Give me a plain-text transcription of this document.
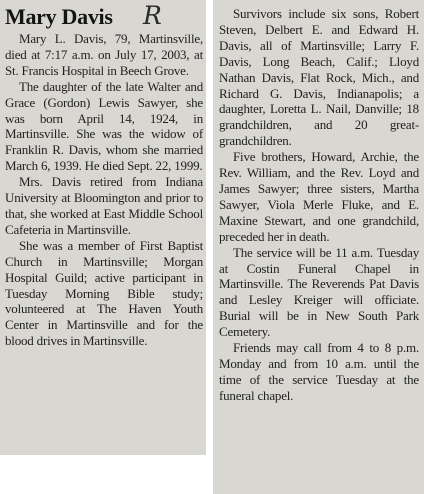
Mary Davis R

Mary L. Davis, 79, Martinsville, died at 7:17 a.m. on July 17, 2003, at St. Francis Hospital in Beech Grove.

The daughter of the late Walter and Grace (Gordon) Lewis Sawyer, she was born April 14, 1924, in Martinsville. She was the widow of Franklin R. Davis, whom she married March 6, 1939. He died Sept. 22, 1999.

Mrs. Davis retired from Indiana University at Bloomington and prior to that, she worked at East Middle School Cafeteria in Martinsville.

She was a member of First Baptist Church in Martinsville; Morgan Hospital Guild; active participant in Tuesday Morning Bible study; volunteered at The Haven Youth Center in Martinsville and for the blood drives in Martinsville.

Survivors include six sons, Robert Steven, Delbert E. and Edward H. Davis, all of Martinsville; Larry F. Davis, Long Beach, Calif.; Lloyd Nathan Davis, Flat Rock, Mich., and Richard G. Davis, Indianapolis; a daughter, Loretta L. Nail, Danville; 18 grandchildren, and 20 great-grandchildren.

Five brothers, Howard, Archie, the Rev. William, and the Rev. Loyd and James Sawyer; three sisters, Martha Sawyer, Viola Merle Fluke, and E. Maxine Stewart, and one grandchild, preceded her in death.

The service will be 11 a.m. Tuesday at Costin Funeral Chapel in Martinsville. The Reverends Pat Davis and Lesley Kreiger will officiate. Burial will be in New South Park Cemetery.

Friends may call from 4 to 8 p.m. Monday and from 10 a.m. until the time of the service Tuesday at the funeral chapel.
